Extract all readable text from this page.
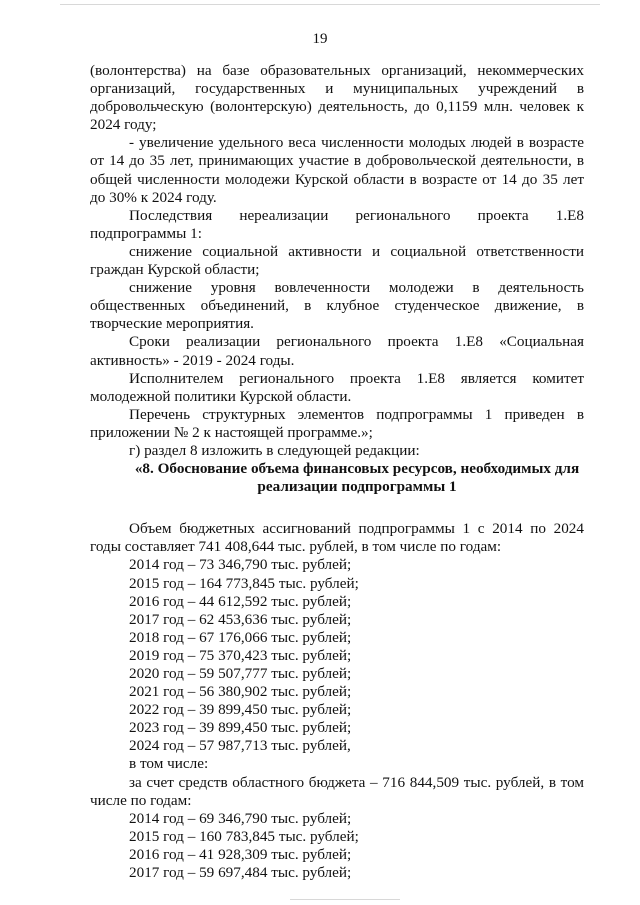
19

(волонтерства) на базе образовательных организаций, некоммерческих организаций, государственных и муниципальных учреждений в добровольческую (волонтерскую) деятельность, до 0,1159 млн. человек к 2024 году;

- увеличение удельного веса численности молодых людей в возрасте от 14 до 35 лет, принимающих участие в добровольческой деятельности, в общей численности молодежи Курской области в возрасте от 14 до 35 лет до 30% к 2024 году.

Последствия нереализации регионального проекта 1.Е8 подпрограммы 1:

снижение социальной активности и социальной ответственности граждан Курской области;

снижение уровня вовлеченности молодежи в деятельность общественных объединений, в клубное студенческое движение, в творческие мероприятия.

Сроки реализации регионального проекта 1.Е8 «Социальная активность» - 2019 - 2024 годы.

Исполнителем регионального проекта 1.Е8 является комитет молодежной политики Курской области.

Перечень структурных элементов подпрограммы 1 приведен в приложении № 2 к настоящей программе.»;

г) раздел 8 изложить в следующей редакции:

«8. Обоснование объема финансовых ресурсов, необходимых для реализации подпрограммы 1

Объем бюджетных ассигнований подпрограммы 1 с 2014 по 2024 годы составляет 741 408,644 тыс. рублей, в том числе по годам:

2014 год – 73 346,790 тыс. рублей;
2015 год – 164 773,845 тыс. рублей;
2016 год – 44 612,592 тыс. рублей;
2017 год – 62 453,636 тыс. рублей;
2018 год – 67 176,066 тыс. рублей;
2019 год – 75 370,423 тыс. рублей;
2020 год – 59 507,777 тыс. рублей;
2021 год – 56 380,902 тыс. рублей;
2022 год – 39 899,450 тыс. рублей;
2023 год – 39 899,450 тыс. рублей;
2024 год – 57 987,713 тыс. рублей,

в том числе:

за счет средств областного бюджета – 716 844,509 тыс. рублей, в том числе по годам:

2014 год – 69 346,790 тыс. рублей;
2015 год – 160 783,845 тыс. рублей;
2016 год – 41 928,309 тыс. рублей;
2017 год – 59 697,484 тыс. рублей;
